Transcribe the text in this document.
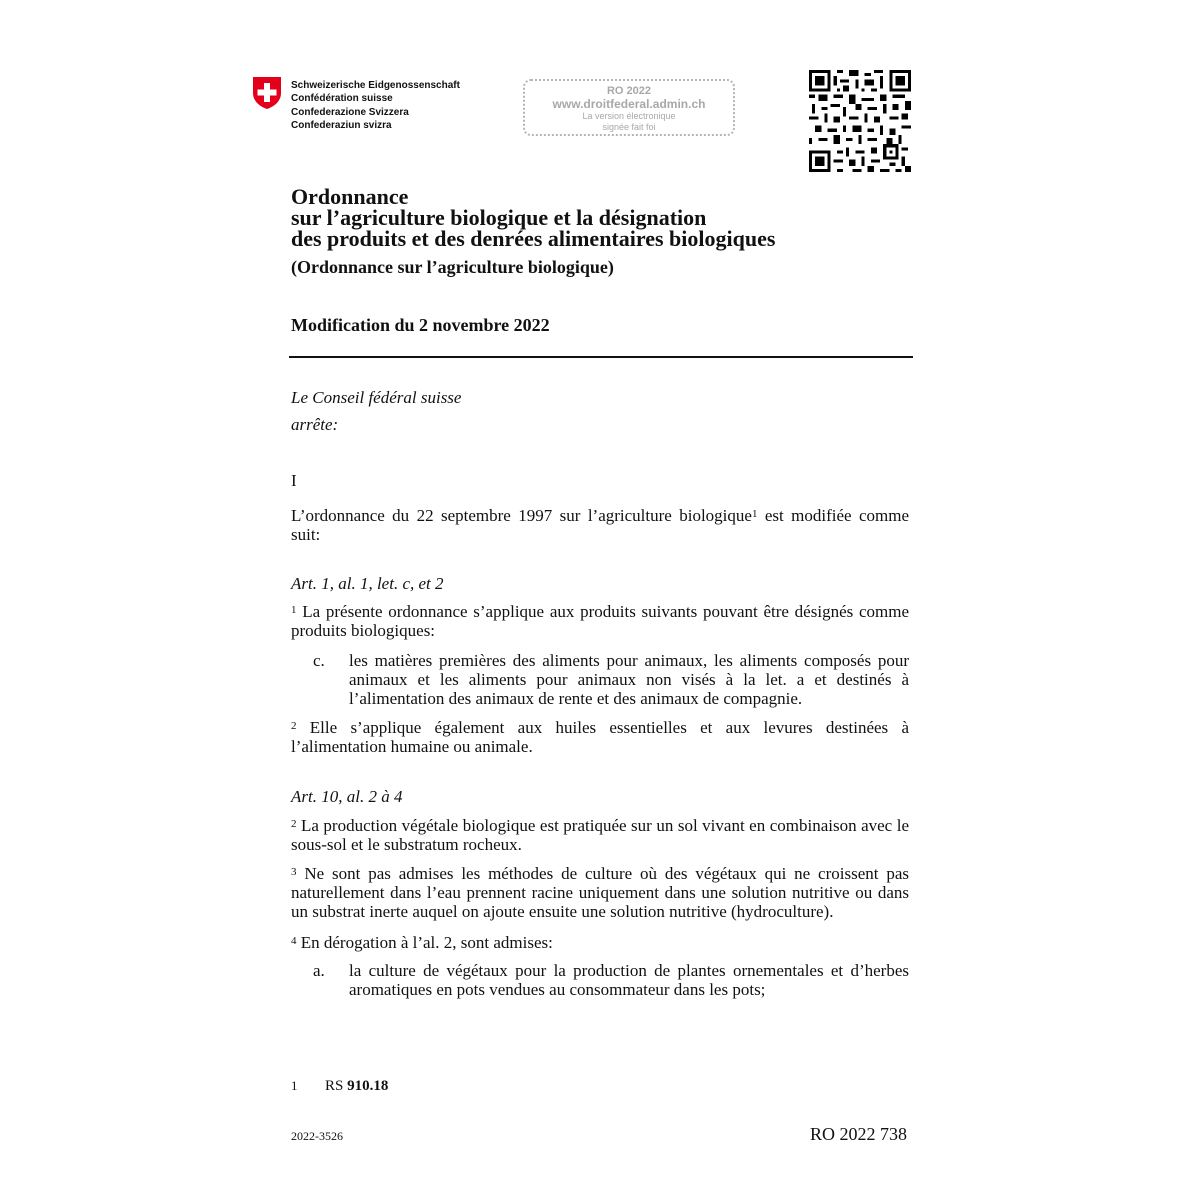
Schweizerische Eidgenossenschaft
Confédération suisse
Confederazione Svizzera
Confederaziun svizra
RO 2022
www.droitfederal.admin.ch
La version électronique
signée fait foi
Ordonnance
sur l’agriculture biologique et la désignation
des produits et des denrées alimentaires biologiques
(Ordonnance sur l’agriculture biologique)
Modification du 2 novembre 2022
Le Conseil fédéral suisse
arrête:
I
L’ordonnance du 22 septembre 1997 sur l’agriculture biologique$^1$ est modifiée comme suit:
Art. 1, al. 1, let. c, et 2
$^1$ La présente ordonnance s’applique aux produits suivants pouvant être désignés comme produits biologiques:
c. les matières premières des aliments pour animaux, les aliments composés pour animaux et les aliments pour animaux non visés à la let. a et destinés à l’alimentation des animaux de rente et des animaux de compagnie.
$^2$ Elle s’applique également aux huiles essentielles et aux levures destinées à l’alimentation humaine ou animale.
Art. 10, al. 2 à 4
$^2$ La production végétale biologique est pratiquée sur un sol vivant en combinaison avec le sous-sol et le substratum rocheux.
$^3$ Ne sont pas admises les méthodes de culture où des végétaux qui ne croissent pas naturellement dans l’eau prennent racine uniquement dans une solution nutritive ou dans un substrat inerte auquel on ajoute ensuite une solution nutritive (hydroculture).
$^4$ En dérogation à l’al. 2, sont admises:
a. la culture de végétaux pour la production de plantes ornementales et d’herbes aromatiques en pots vendues au consommateur dans les pots;
1 RS 910.18
2022-3526	RO 2022 738
